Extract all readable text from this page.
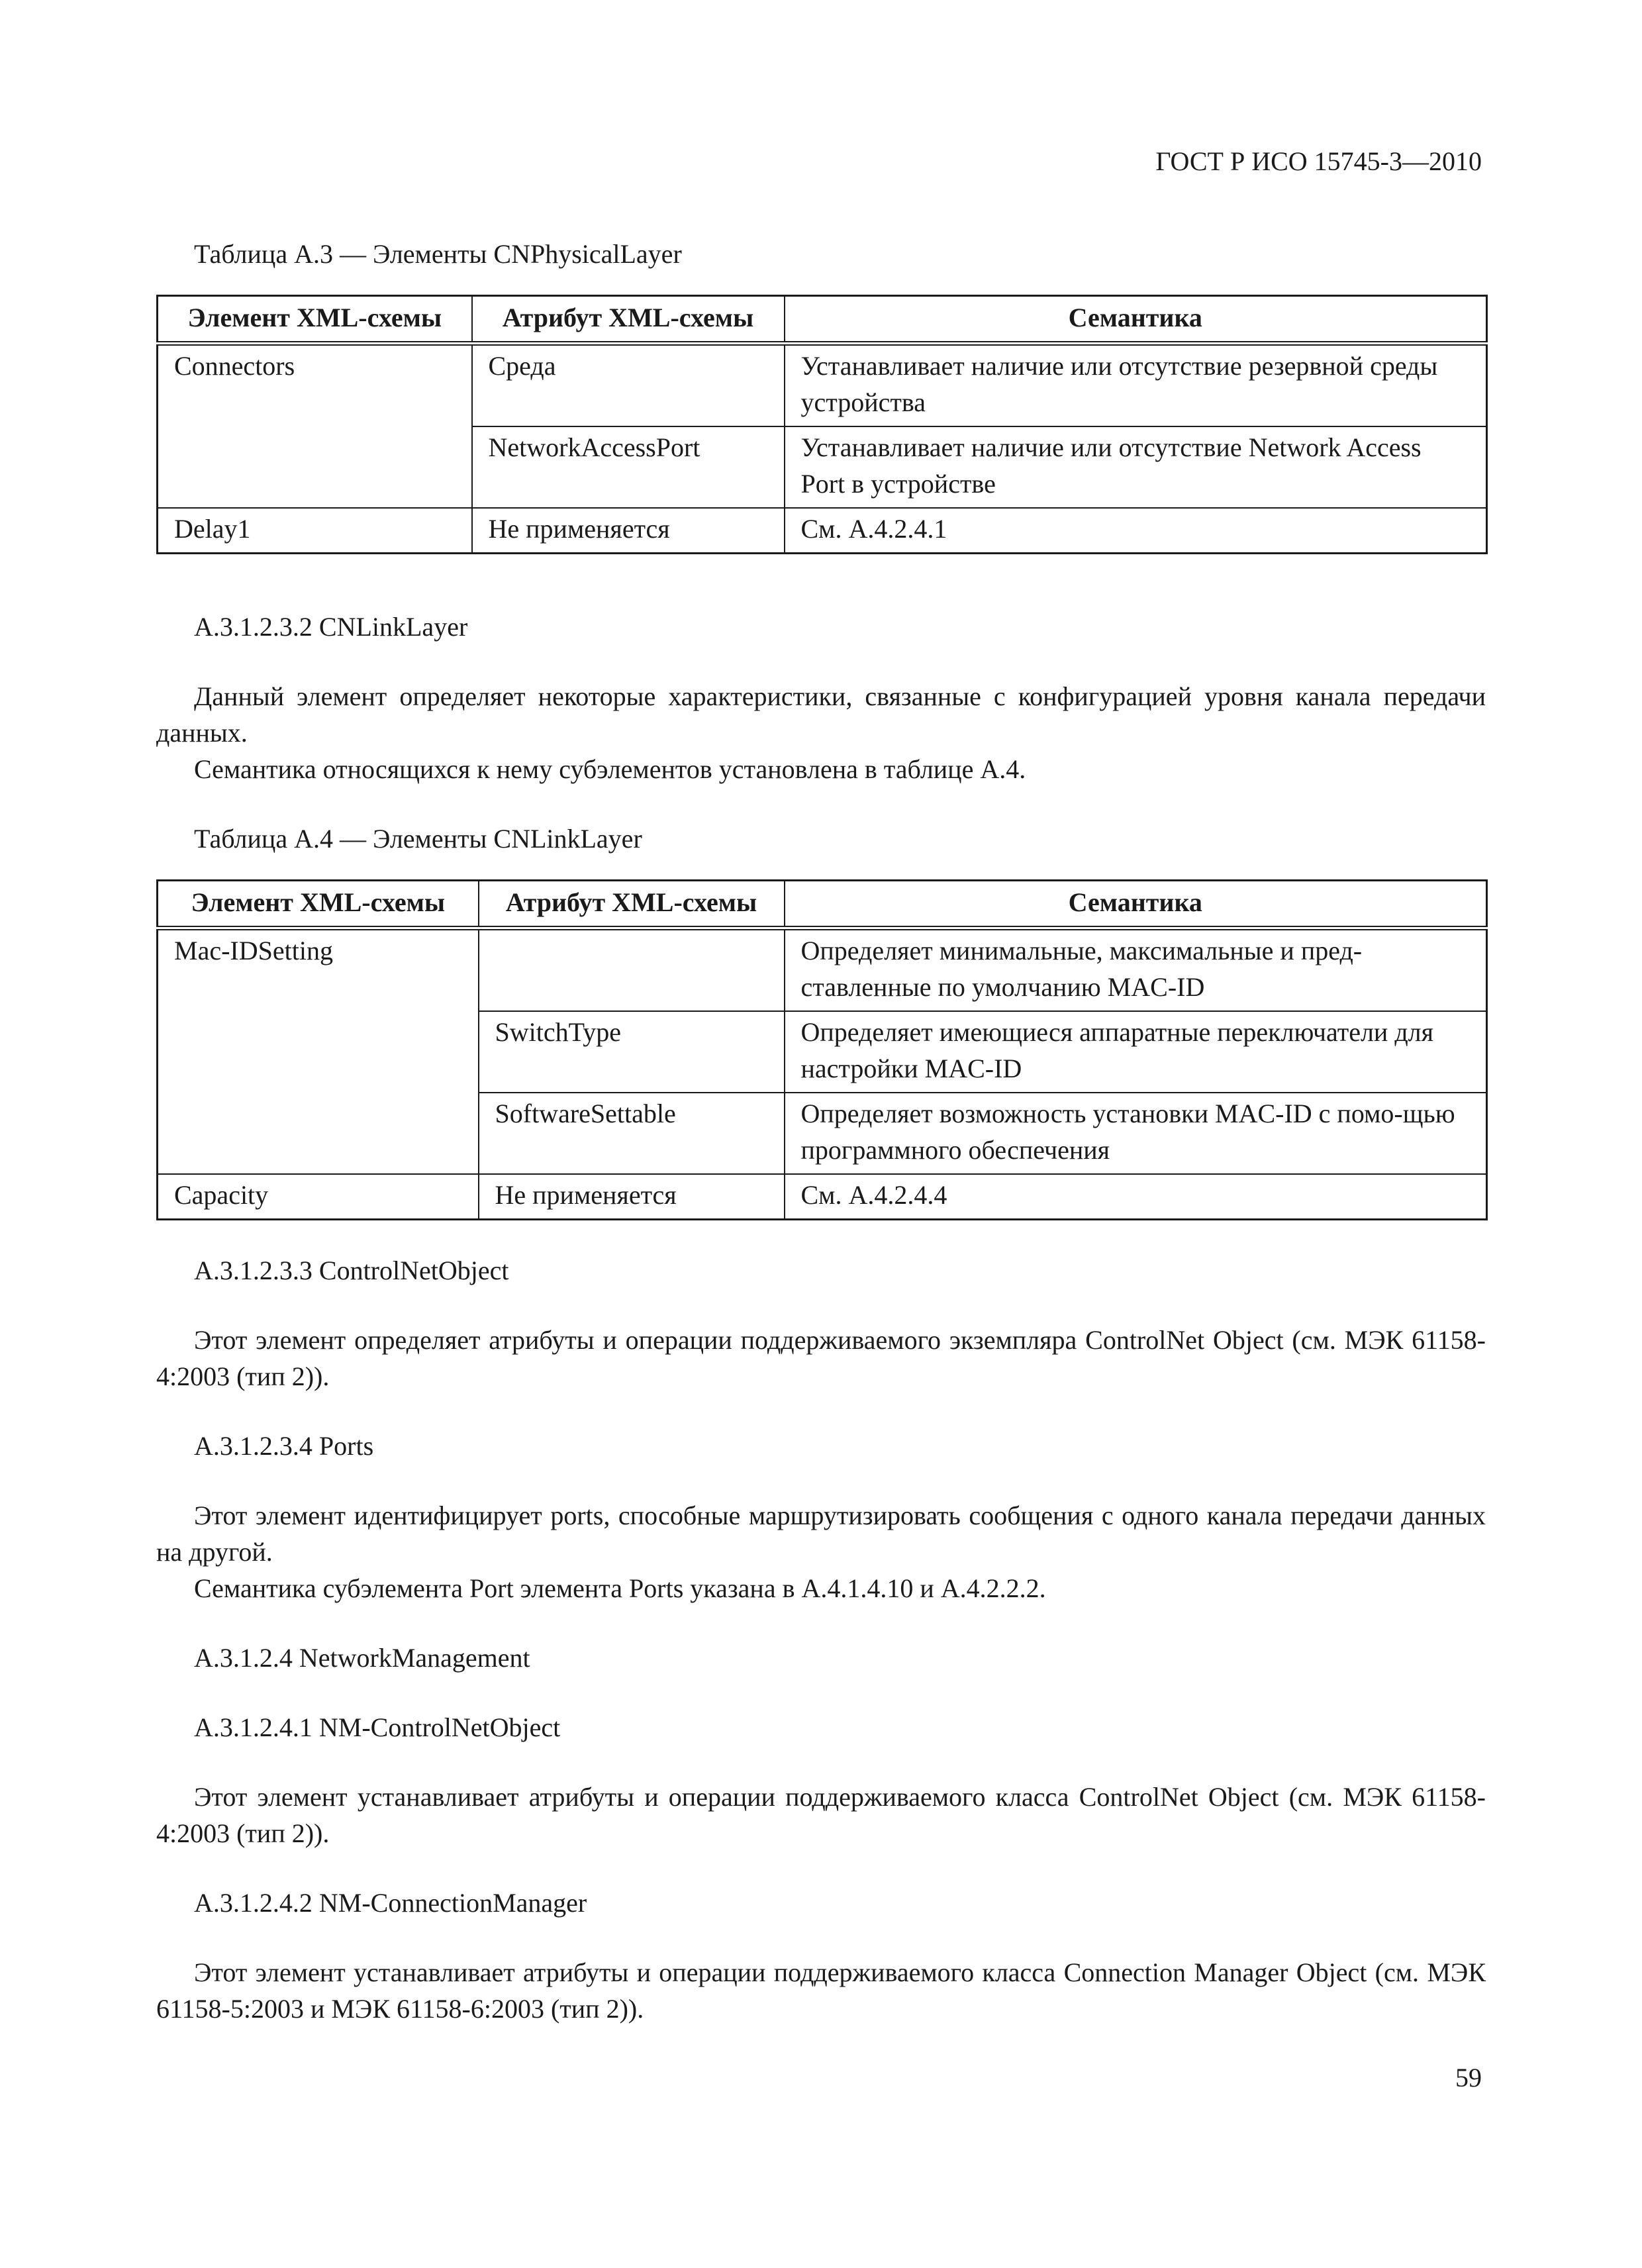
ГОСТ Р ИСО 15745-3—2010
Таблица А.3 — Элементы CNPhysicalLayer
Элемент XML-схемы	Атрибут XML-схемы	Семантика
Connectors	Среда	Устанавливает наличие или отсутствие резервной среды устройства
	NetworkAccessPort	Устанавливает наличие или отсутствие Network Access Port в устройстве
Delay1	Не применяется	См. А.4.2.4.1
A.3.1.2.3.2 CNLinkLayer

Данный элемент определяет некоторые характеристики, связанные с конфигурацией уровня канала передачи данных.

Семантика относящихся к нему субэлементов установлена в таблице А.4.

Таблица А.4 — Элементы CNLinkLayer
Элемент XML-схемы	Атрибут XML-схемы	Семантика
Mac-IDSetting		Определяет минимальные, максимальные и пред-ставленные по умолчанию MAC-ID
	SwitchType	Определяет имеющиеся аппаратные переключатели для настройки MAC-ID
	SoftwareSettable	Определяет возможность установки MAC-ID с помо-щью программного обеспечения
Capacity	Не применяется	См. А.4.2.4.4
A.3.1.2.3.3 ControlNetObject

Этот элемент определяет атрибуты и операции поддерживаемого экземпляра ControlNet Object (см. МЭК 61158-4:2003 (тип 2)).

A.3.1.2.3.4 Ports

Этот элемент идентифицирует ports, способные маршрутизировать сообщения с одного канала передачи данных на другой.

Семантика субэлемента Port элемента Ports указана в А.4.1.4.10 и А.4.2.2.2.

A.3.1.2.4 NetworkManagement
A.3.1.2.4.1 NM-ControlNetObject

Этот элемент устанавливает атрибуты и операции поддерживаемого класса ControlNet Object (см. МЭК 61158-4:2003 (тип 2)).

A.3.1.2.4.2 NM-ConnectionManager

Этот элемент устанавливает атрибуты и операции поддерживаемого класса Connection Manager Object (см. МЭК 61158-5:2003 и МЭК 61158-6:2003 (тип 2)).

59
